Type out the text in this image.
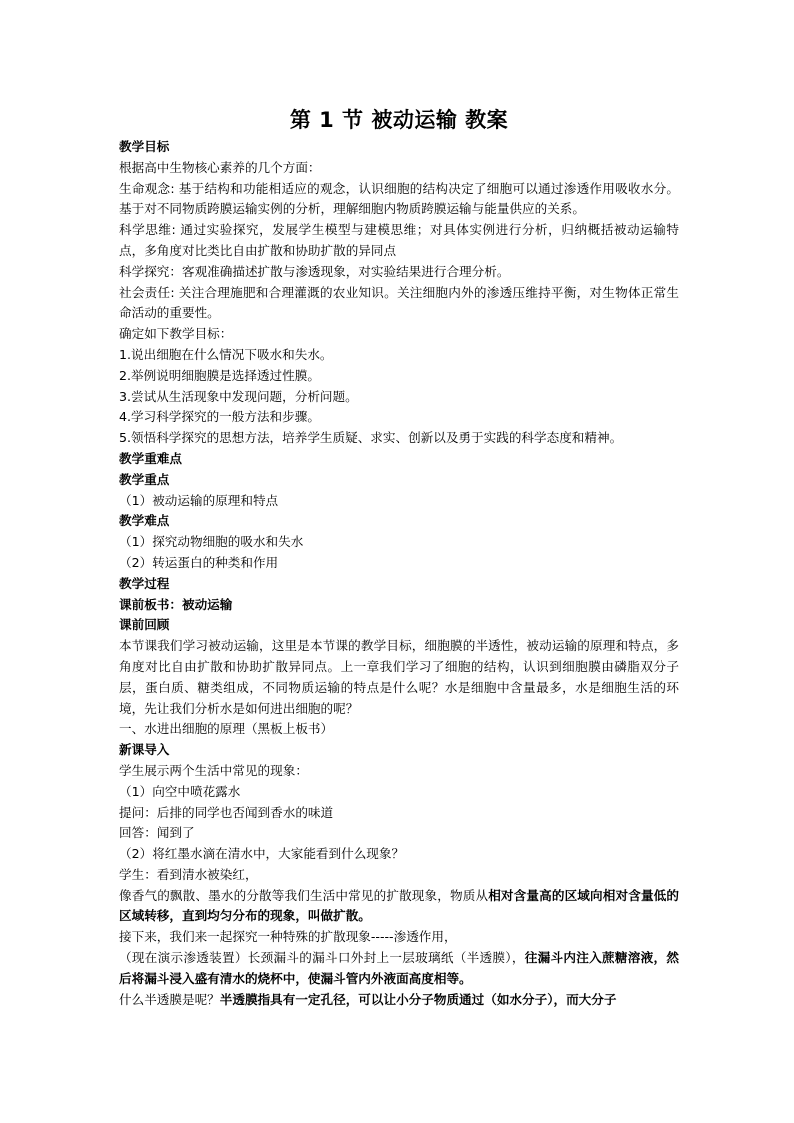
第 1 节 被动运输 教案

教学目标

根据高中生物核心素养的几个方面：

生命观念: 基于结构和功能相适应的观念，认识细胞的结构决定了细胞可以通过渗透作用吸收水分。基于对不同物质跨膜运输实例的分析，理解细胞内物质跨膜运输与能量供应的关系。

科学思维: 通过实验探究，发展学生模型与建模思维；对具体实例进行分析，归纳概括被动运输特点，多角度对比类比自由扩散和协助扩散的异同点

科学探究：客观准确描述扩散与渗透现象，对实验结果进行合理分析。

社会责任: 关注合理施肥和合理灌溉的农业知识。关注细胞内外的渗透压维持平衡，对生物体正常生命活动的重要性。

确定如下教学目标：

1.说出细胞在什么情况下吸水和失水。

2.举例说明细胞膜是选择透过性膜。

3.尝试从生活现象中发现问题，分析问题。

4.学习科学探究的一般方法和步骤。

5.领悟科学探究的思想方法，培养学生质疑、求实、创新以及勇于实践的科学态度和精神。

教学重难点

教学重点

（1）被动运输的原理和特点

教学难点

（1）探究动物细胞的吸水和失水

（2）转运蛋白的种类和作用

教学过程

课前板书：被动运输

课前回顾

本节课我们学习被动运输，这里是本节课的教学目标，细胞膜的半透性，被动运输的原理和特点，多角度对比自由扩散和协助扩散异同点。上一章我们学习了细胞的结构，认识到细胞膜由磷脂双分子层，蛋白质、糖类组成，不同物质运输的特点是什么呢？水是细胞中含量最多，水是细胞生活的环境，先让我们分析水是如何进出细胞的呢？

一、水进出细胞的原理（黑板上板书）

新课导入

学生展示两个生活中常见的现象：

（1）向空中喷花露水

提问：后排的同学也否闻到香水的味道

回答：闻到了

（2）将红墨水滴在清水中，大家能看到什么现象？

学生：看到清水被染红，

像香气的飘散、墨水的分散等我们生活中常见的扩散现象，物质从相对含量高的区域向相对含量低的区域转移，直到均匀分布的现象，叫做扩散。

接下来，我们来一起探究一种特殊的扩散现象-----渗透作用，

（现在演示渗透装置）长颈漏斗的漏斗口外封上一层玻璃纸（半透膜），往漏斗内注入蔗糖溶液，然后将漏斗浸入盛有清水的烧杯中，使漏斗管内外液面高度相等。

什么半透膜是呢？半透膜指具有一定孔径，可以让小分子物质通过（如水分子），而大分子
